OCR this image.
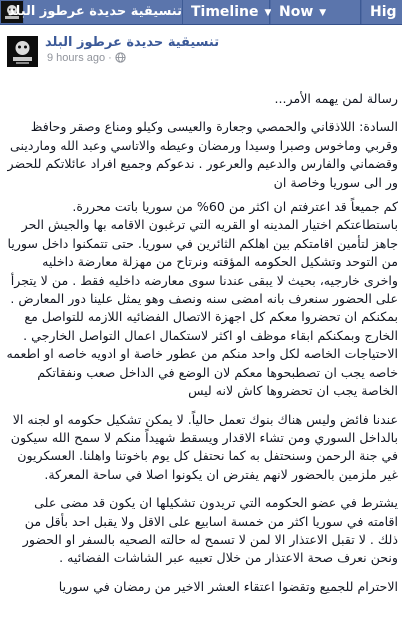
تنسيقية حديدة عرطوز البلد Timeline ▼ Now ▼	Hig
تنسيقية حديدة عرطوز البلد
9 hours ago ·

رسالة لمن يهمه الأمر...

السادة: اللاذقاني والحمصي وجعارة والعيسى وكيلو ومناع وصقر وحافظ وقربي وماخوس وصبرا وسيدا ورمضان وعيطه والاتاسي وعبد الله وماردينى وقضماني والفارس والدعيم والعرعور . ندعوكم وجميع افراد عائلاتكم للحضر

ور الى سوريا وخاصة ان

كم جميعاً قد اعترفتم ان اكثر من 60% من سوريا باتت محررة. باستطاعتكم اختيار المدينه او القريه التي ترغبون الاقامه بها والجيش الحر جاهز لتأمين اقامتكم بين اهلكم الثائرين في سوريا. حتى تتمكنوا داخل سوريا من التوحد وتشكيل الحكومه المؤقته ونرتاح من مهزلة معارضة داخليه واخرى خارجيه، بحيث لا يبقى عندنا سوى معارضه داخليه فقط . من لا يتجرأ على الحضور سنعرف بانه امضى سنه ونصف وهو يمثل علينا دور المعارض . بمكنكم ان تحضروا معكم كل اجهزة الاتصال الفضائيه اللازمه للتواصل مع الخارج وبمكنكم ابقاء موظف او اكثر لاستكمال اعمال التواصل الخارجي . الاحتياجات الخاصه لكل واحد منكم من عطور خاصة او ادويه خاصه او اطعمه خاصه يجب ان تصطبحوها معكم لان الوضع في الداخل صعب ونفقاتكم الخاصة يجب ان تحضروها كاش لانه ليس

عندنا فائض وليس هناك بنوك تعمل حالياً. لا يمكن تشكيل حكومه او لجنه الا بالداخل السوري ومن تشاء الاقدار ويسقط شهيداً منكم لا سمح الله سيكون في جنة الرحمن وسنحتفل به كما نحتفل كل يوم باخوتنا واهلنا. العسكريون غير ملزمين بالحضور لانهم يفترض ان يكونوا اصلا في ساحة المعركة.

يشترط في عضو الحكومه التي تريدون تشكيلها ان يكون قد مضى على اقامته في سوريا اكثر من خمسة اسابيع على الاقل ولا يقبل احد بأقل من ذلك . لا تقبل الاعتذار الا لمن لا تسمح له حالته الصحيه بالسفر او الحضور ونحن نعرف صحة الاعتذار من خلال تعبيه عبر الشاشات الفضائيه .

الاحترام للجميع وتقضوا اعتقاء العشر الاخير من رمضان في سوريا
